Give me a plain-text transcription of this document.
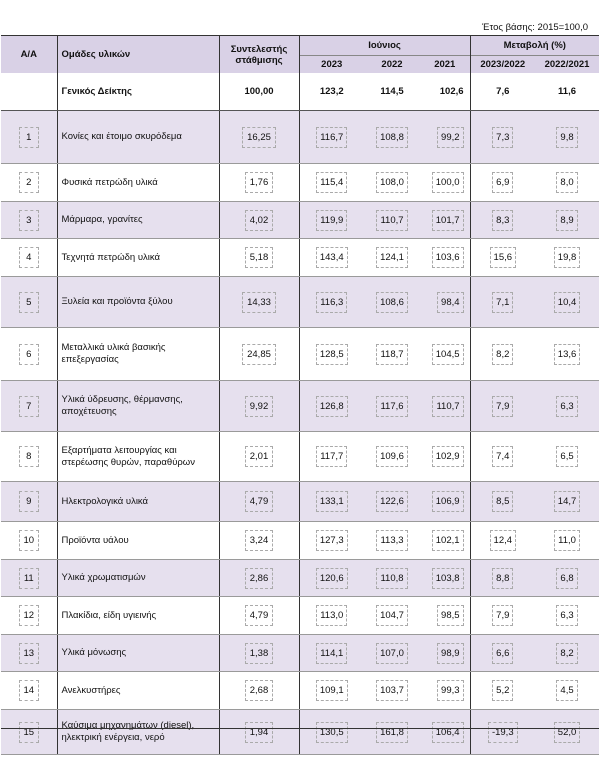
Έτος βάσης: 2015=100,0
Α/Α	Ομάδες υλικών	Συντελεστής στάθμισης	Ιούνιος			Μεταβολή (%)	
			2023	2022	2021	2023/2022	2022/2021
	Γενικός Δείκτης	100,00	123,2	114,5	102,6	7,6	11,6
1	Κονίες και έτοιμο σκυρόδεμα	16,25	116,7	108,8	99,2	7,3	9,8
2	Φυσικά πετρώδη υλικά	1,76	115,4	108,0	100,0	6,9	8,0
3	Μάρμαρα, γρανίτες	4,02	119,9	110,7	101,7	8,3	8,9
4	Τεχνητά πετρώδη υλικά	5,18	143,4	124,1	103,6	15,6	19,8
5	Ξυλεία και προϊόντα ξύλου	14,33	116,3	108,6	98,4	7,1	10,4
6	Μεταλλικά υλικά βασικής επεξεργασίας	24,85	128,5	118,7	104,5	8,2	13,6
7	Υλικά ύδρευσης, θέρμανσης, αποχέτευσης	9,92	126,8	117,6	110,7	7,9	6,3
8	Εξαρτήματα λειτουργίας και στερέωσης θυρών, παραθύρων	2,01	117,7	109,6	102,9	7,4	6,5
9	Ηλεκτρολογικά υλικά	4,79	133,1	122,6	106,9	8,5	14,7
10	Προϊόντα υάλου	3,24	127,3	113,3	102,1	12,4	11,0
11	Υλικά χρωματισμών	2,86	120,6	110,8	103,8	8,8	6,8
12	Πλακίδια, είδη υγιεινής	4,79	113,0	104,7	98,5	7,9	6,3
13	Υλικά μόνωσης	1,38	114,1	107,0	98,9	6,6	8,2
14	Ανελκυστήρες	2,68	109,1	103,7	99,3	5,2	4,5
15	Καύσιμα μηχανημάτων (diesel), ηλεκτρική ενέργεια, νερό	1,94	130,5	161,8	106,4	-19,3	52,0
